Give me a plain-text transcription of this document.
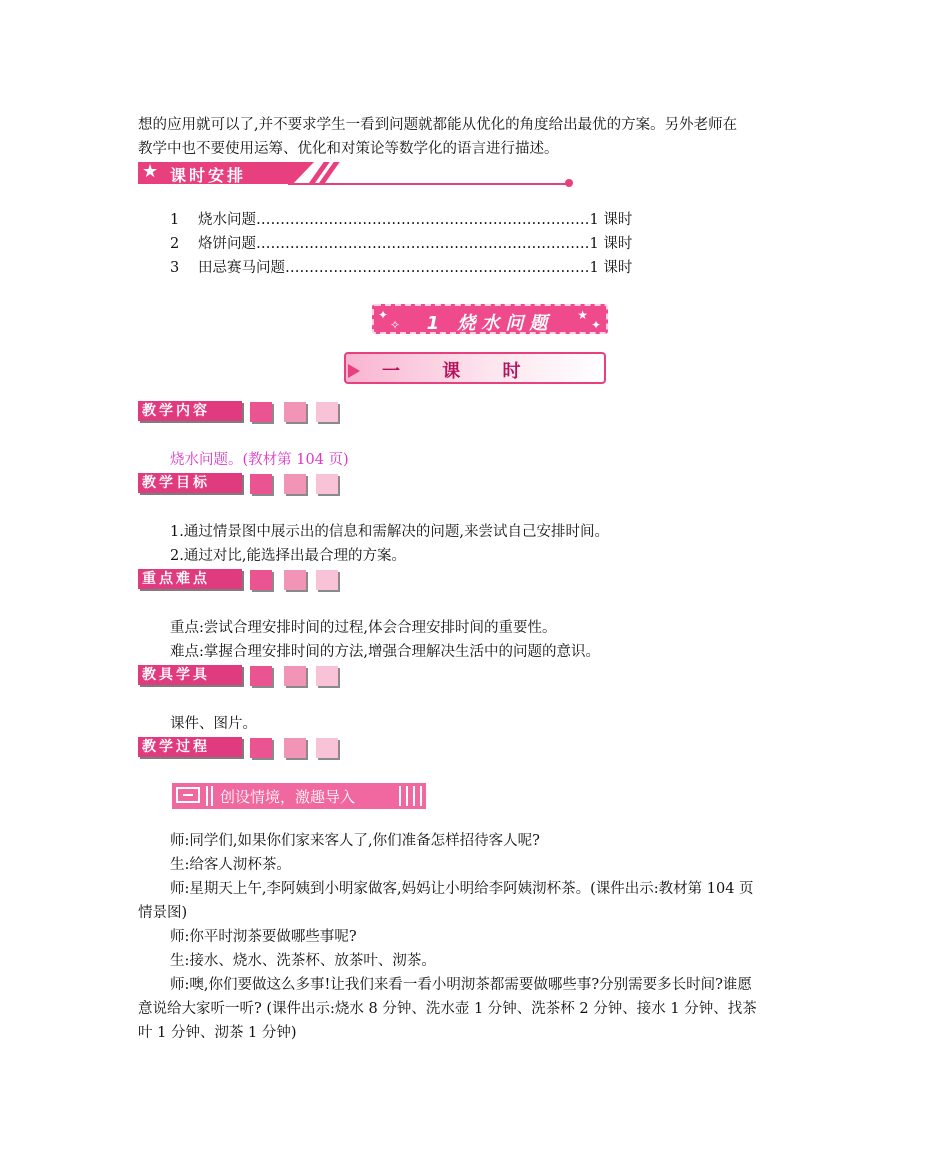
想的应用就可以了,并不要求学生一看到问题就都能从优化的角度给出最优的方案。另外老师在
教学中也不要使用运筹、优化和对策论等数学化的语言进行描述。
★ 课时安排
1 烧水问题……………………………………………………………1 课时
2 烙饼问题……………………………………………………………1 课时
3 田忌赛马问题………………………………………………………1 课时
✦
✧
★
✦
1 烧水问题
一 课 时
教学内容
烧水问题。(教材第 104 页)
教学目标
1.通过情景图中展示出的信息和需解决的问题,来尝试自己安排时间。
2.通过对比,能选择出最合理的方案。
重点难点
重点:尝试合理安排时间的过程,体会合理安排时间的重要性。
难点:掌握合理安排时间的方法,增强合理解决生活中的问题的意识。
教具学具
课件、图片。
教学过程
创设情境，激趣导入
师:同学们,如果你们家来客人了,你们准备怎样招待客人呢?
生:给客人沏杯茶。
师:星期天上午,李阿姨到小明家做客,妈妈让小明给李阿姨沏杯茶。(课件出示:教材第 104 页
情景图)
师:你平时沏茶要做哪些事呢?
生:接水、烧水、洗茶杯、放茶叶、沏茶。
师:噢,你们要做这么多事!让我们来看一看小明沏茶都需要做哪些事?分别需要多长时间?谁愿
意说给大家听一听? (课件出示:烧水 8 分钟、洗水壶 1 分钟、洗茶杯 2 分钟、接水 1 分钟、找茶
叶 1 分钟、沏茶 1 分钟)
